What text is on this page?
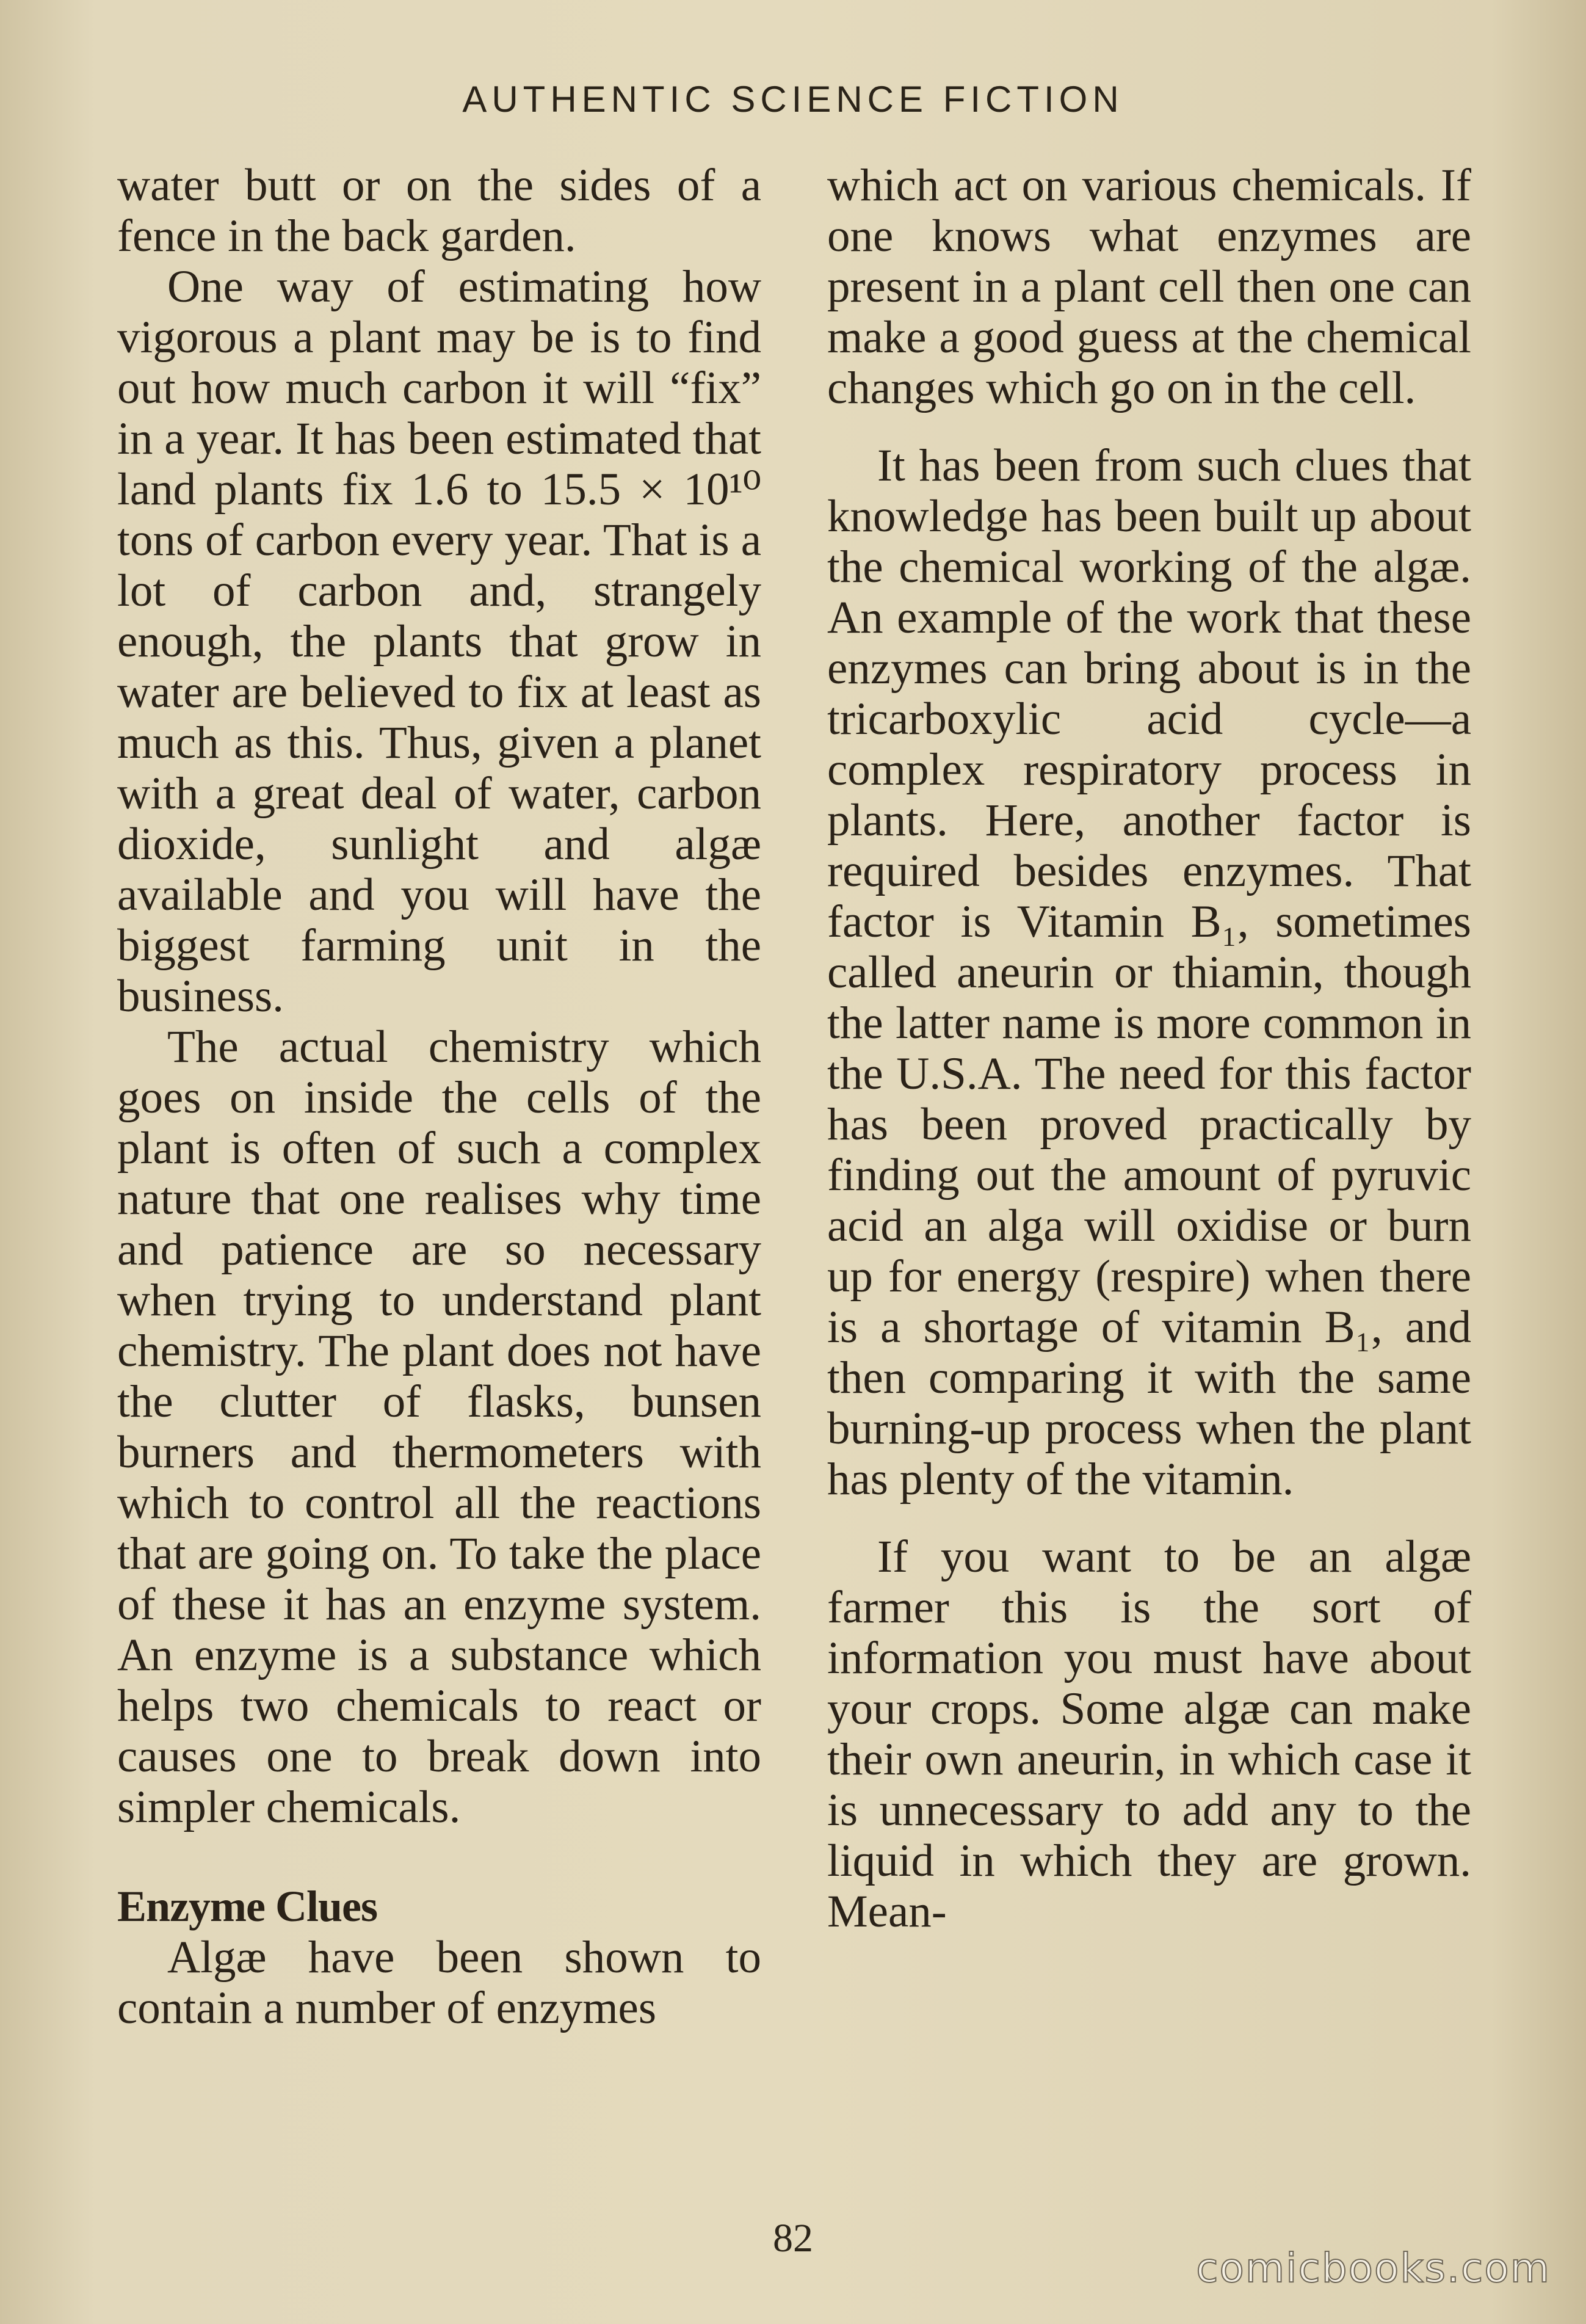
AUTHENTIC SCIENCE FICTION

water butt or on the sides of a fence in the back garden.

One way of estimating how vigorous a plant may be is to find out how much carbon it will “fix” in a year. It has been estimated that land plants fix 1.6 to 15.5 × 10¹⁰ tons of carbon every year. That is a lot of carbon and, strangely enough, the plants that grow in water are believed to fix at least as much as this. Thus, given a planet with a great deal of water, carbon dioxide, sunlight and algæ available and you will have the biggest farming unit in the business.

The actual chemistry which goes on inside the cells of the plant is often of such a complex nature that one realises why time and patience are so necessary when trying to understand plant chemistry. The plant does not have the clutter of flasks, bunsen burners and thermometers with which to control all the reactions that are going on. To take the place of these it has an enzyme system. An enzyme is a substance which helps two chemicals to react or causes one to break down into simpler chemicals.

Enzyme Clues

Algæ have been shown to contain a number of enzymes

which act on various chemicals. If one knows what enzymes are present in a plant cell then one can make a good guess at the chemical changes which go on in the cell.

It has been from such clues that knowledge has been built up about the chemical working of the algæ. An example of the work that these enzymes can bring about is in the tricarboxylic acid cycle—a complex respiratory process in plants. Here, another factor is required besides enzymes. That factor is Vitamin B₁, sometimes called aneurin or thiamin, though the latter name is more common in the U.S.A. The need for this factor has been proved practically by finding out the amount of pyruvic acid an alga will oxidise or burn up for energy (respire) when there is a shortage of vitamin B₁, and then comparing it with the same burning-up process when the plant has plenty of the vitamin.

If you want to be an algæ farmer this is the sort of information you must have about your crops. Some algæ can make their own aneurin, in which case it is unnecessary to add any to the liquid in which they are grown. Mean-

82
comicbooks.com
